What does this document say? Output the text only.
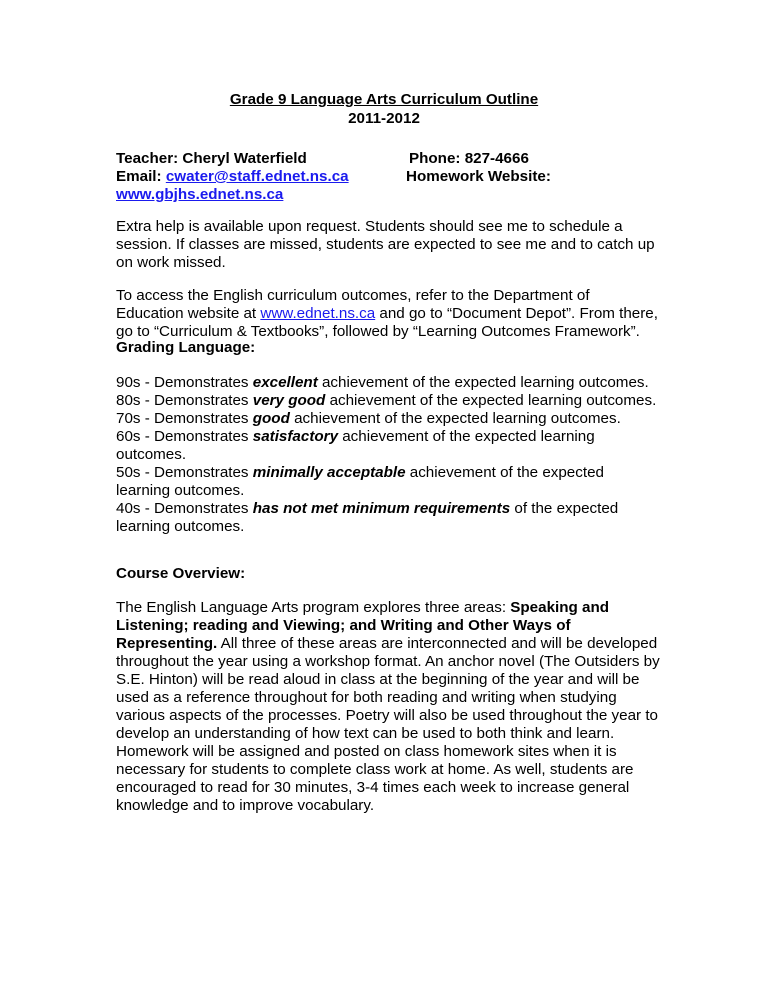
Grade 9 Language Arts Curriculum Outline
2011-2012
Teacher: Cheryl Waterfield
Email: cwater@staff.ednet.ns.ca
www.gbjhs.ednet.ns.ca
Phone: 827-4666
Homework Website:
Extra help is available upon request. Students should see me to schedule a session. If classes are missed, students are expected to see me and to catch up on work missed.
To access the English curriculum outcomes, refer to the Department of Education website at www.ednet.ns.ca and go to “Document Depot”. From there, go to “Curriculum & Textbooks”, followed by “Learning Outcomes Framework”.
Grading Language:
90s - Demonstrates excellent achievement of the expected learning outcomes.
80s - Demonstrates very good achievement of the expected learning outcomes.
70s - Demonstrates good achievement of the expected learning outcomes.
60s - Demonstrates satisfactory achievement of the expected learning outcomes.
50s - Demonstrates minimally acceptable achievement of the expected learning outcomes.
40s - Demonstrates has not met minimum requirements of the expected learning outcomes.
Course Overview:
The English Language Arts program explores three areas: Speaking and Listening; reading and Viewing; and Writing and Other Ways of Representing. All three of these areas are interconnected and will be developed throughout the year using a workshop format. An anchor novel (The Outsiders by S.E. Hinton) will be read aloud in class at the beginning of the year and will be used as a reference throughout for both reading and writing when studying various aspects of the processes. Poetry will also be used throughout the year to develop an understanding of how text can be used to both think and learn. Homework will be assigned and posted on class homework sites when it is necessary for students to complete class work at home. As well, students are encouraged to read for 30 minutes, 3-4 times each week to increase general knowledge and to improve vocabulary.
